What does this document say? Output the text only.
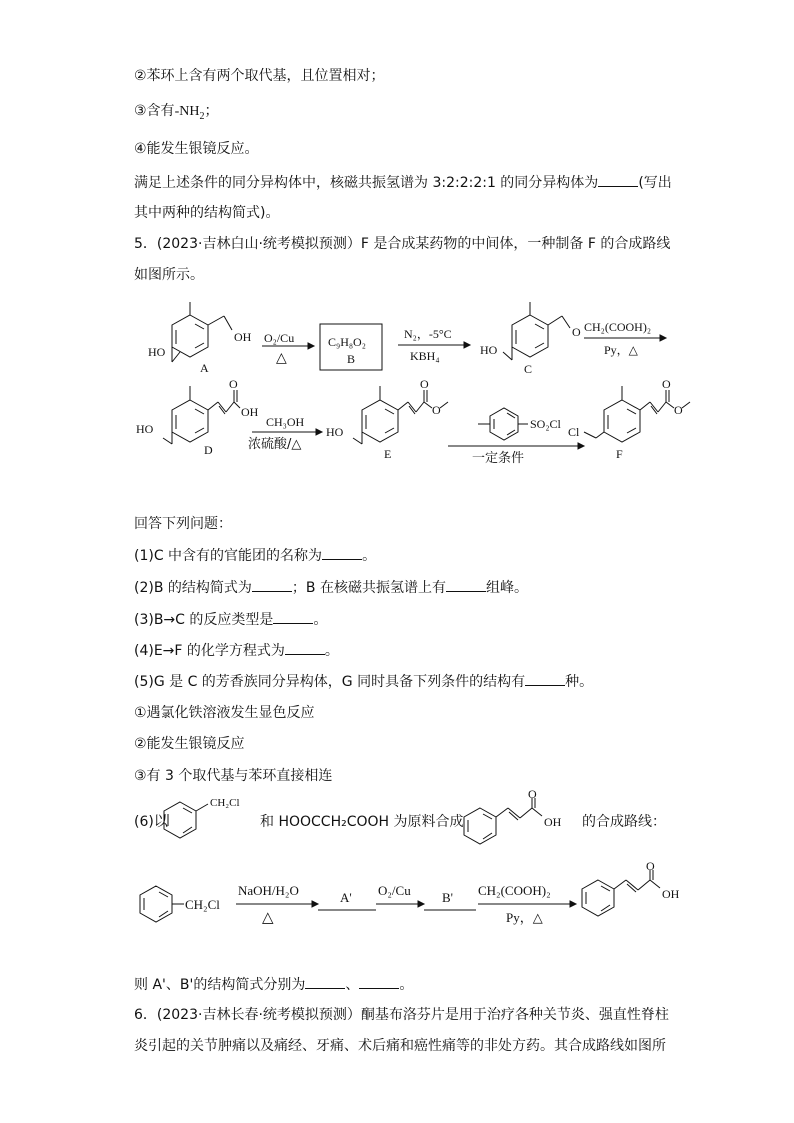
②苯环上含有两个取代基，且位置相对；
③含有$-NH_2$；
④能发生银镜反应。
满足上述条件的同分异构体中，核磁共振氢谱为 3:2:2:2:1 的同分异构体为	(写出
其中两种的结构简式)。
5．(2023·吉林白山·统考模拟预测）F 是合成某药物的中间体，一种制备 F 的合成路线
如图所示。
OH
HO
A
O₂/Cu
△
C₉H₈O₂
B
N₂，-5°C
KBH₄
O
HO
C
CH₂(COOH)₂
Py，△
O
OH
HO
D
CH₃OH
浓硫酸/△
O
O
HO
E
SO₂Cl
一定条件
O
O
Cl
F
回答下列问题：
(1)C 中含有的官能团的名称为	。
(2)B 的结构简式为	；B 在核磁共振氢谱上有	组峰。
(3)B→C 的反应类型是	。
(4)E→F 的化学方程式为	。
(5)G 是 C 的芳香族同分异构体，G 同时具备下列条件的结构有	种。
①遇氯化铁溶液发生显色反应
②能发生银镜反应
③有 3 个取代基与苯环直接相连
(6)以
CH₂Cl
和 HOOCCH₂COOH 为原料合成
O
OH 的合成路线：
CH₂Cl
NaOH/H₂O
△
A' O₂/Cu B' CH₂(COOH)₂
Py，△
O
OH
则 A'、B'的结构简式分别为	、	。
6．(2023·吉林长春·统考模拟预测）酮基布洛芬片是用于治疗各种关节炎、强直性脊柱
炎引起的关节肿痛以及痛经、牙痛、术后痛和癌性痛等的非处方药。其合成路线如图所
